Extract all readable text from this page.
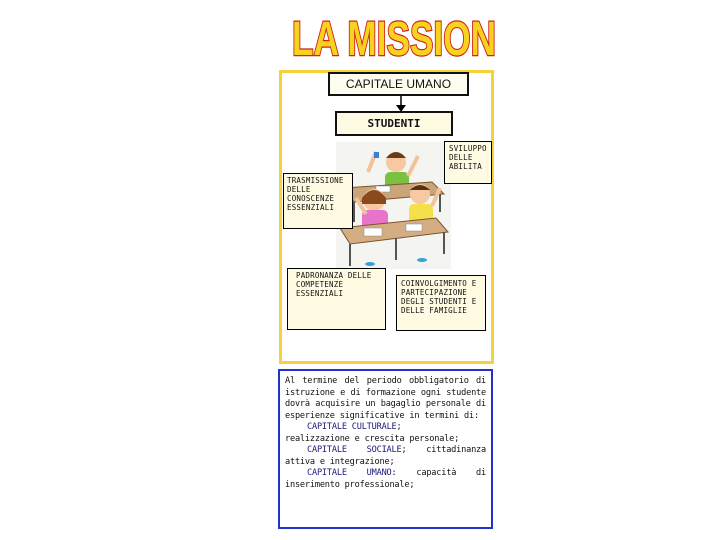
LA MISSION
CAPITALE UMANO
STUDENTI
SVILUPPO DELLE ABILITA
TRASMISSIONE DELLE CONOSCENZE ESSENZIALI
PADRONANZA DELLE COMPETENZE ESSENZIALI
COINVOLGIMENTO E PARTECIPAZIONE DEGLI STUDENTI E DELLE FAMIGLIE

Al termine del periodo obbligatorio di istruzione e di formazione ogni studente dovrà acquisire un bagaglio personale di esperienze significative in termini di:

CAPITALE CULTURALE;

realizzazione e crescita personale;

CAPITALE SOCIALE; cittadinanza attiva e integrazione;

CAPITALE UMANO: capacità di inserimento professionale;
